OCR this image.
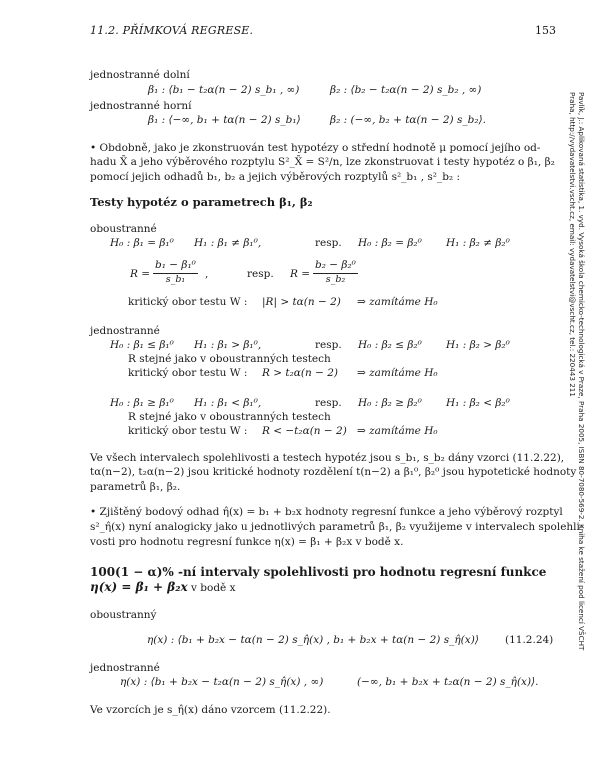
11.2. PŘÍMKOVÁ REGRESE.	153
Pavlík, J.: Aplikovaná statistika, 1. vyd. Vysoká škola chemicko-technologická v Praze, Praha 2005, ISBN 80-7080-569-2. Kniha ke stažení pod licencí VŠCHT Praha, http://vydavatelstvi.vscht.cz, email: vydavatelstvi@vscht.cz, tel.: 220443 211
jednostranné dolní
β₁ : ⟨b₁ − t₂α(n − 2) s_b₁ , ∞)	β₂ : ⟨b₂ − t₂α(n − 2) s_b₂ , ∞)
jednostranné horní
β₁ : ⟨−∞, b₁ + tα(n − 2) s_b₁⟩	β₂ : (−∞, b₂ + tα(n − 2) s_b₂⟩.
• Obdobně, jako je zkonstruován test hypotézy o střední hodnotě μ pomocí jejího od-
hadu X̄ a jeho výběrového rozptylu S²_X̄ = S²/n, lze zkonstruovat i testy hypotéz o β₁, β₂
pomocí jejich odhadů b₁, b₂ a jejich výběrových rozptylů s²_b₁ , s²_b₂ :
Testy hypotéz o parametrech β₁, β₂
oboustranné
H₀ : β₁ = β₁⁰ H₁ : β₁ ≠ β₁⁰,	resp. H₀ : β₂ = β₂⁰ H₁ : β₂ ≠ β₂⁰
$R = \frac{\text{b₁ − β₁⁰}}{\text{s\_b₁}}$ ,	resp. $R = \frac{\text{b₂ − β₂⁰}}{\text{s\_b₂}}$
kritický obor testu W : |R| > tα(n − 2) ⇒ zamítáme H₀
jednostranné
H₀ : β₁ ≤ β₁⁰ H₁ : β₁ > β₁⁰,	resp. H₀ : β₂ ≤ β₂⁰ H₁ : β₂ > β₂⁰
R stejné jako v oboustranných testech
kritický obor testu W : R > t₂α(n − 2) ⇒ zamítáme H₀
H₀ : β₁ ≥ β₁⁰ H₁ : β₁ < β₁⁰,	resp. H₀ : β₂ ≥ β₂⁰ H₁ : β₂ < β₂⁰
R stejné jako v oboustranných testech
kritický obor testu W : R < −t₂α(n − 2) ⇒ zamítáme H₀
Ve všech intervalech spolehlivosti a testech hypotéz jsou s_b₁, s_b₂ dány vzorci (11.2.22),
tα(n−2), t₂α(n−2) jsou kritické hodnoty rozdělení t(n−2) a β₁⁰, β₂⁰ jsou hypotetické hodnoty
parametrů β₁, β₂.
• Zjištěný bodový odhad η̂(x) = b₁ + b₂x hodnoty regresní funkce a jeho výběrový rozptyl
s²_η̂(x) nyní analogicky jako u jednotlivých parametrů β₁, β₂ využijeme v intervalech spolehli-
vosti pro hodnotu regresní funkce η(x) = β₁ + β₂x v bodě x.
100(1 − α)% -ní intervaly spolehlivosti pro hodnotu regresní funkce
η(x) = β₁ + β₂x v bodě x
oboustranný
η(x) : ⟨b₁ + b₂x − tα(n − 2) s_η̂(x) , b₁ + b₂x + tα(n − 2) s_η̂(x)⟩ (11.2.24)
jednostranné
η(x) : ⟨b₁ + b₂x − t₂α(n − 2) s_η̂(x) , ∞)	(−∞, b₁ + b₂x + t₂α(n − 2) s_η̂(x)⟩.
Ve vzorcích je s_η̂(x) dáno vzorcem (11.2.22).
